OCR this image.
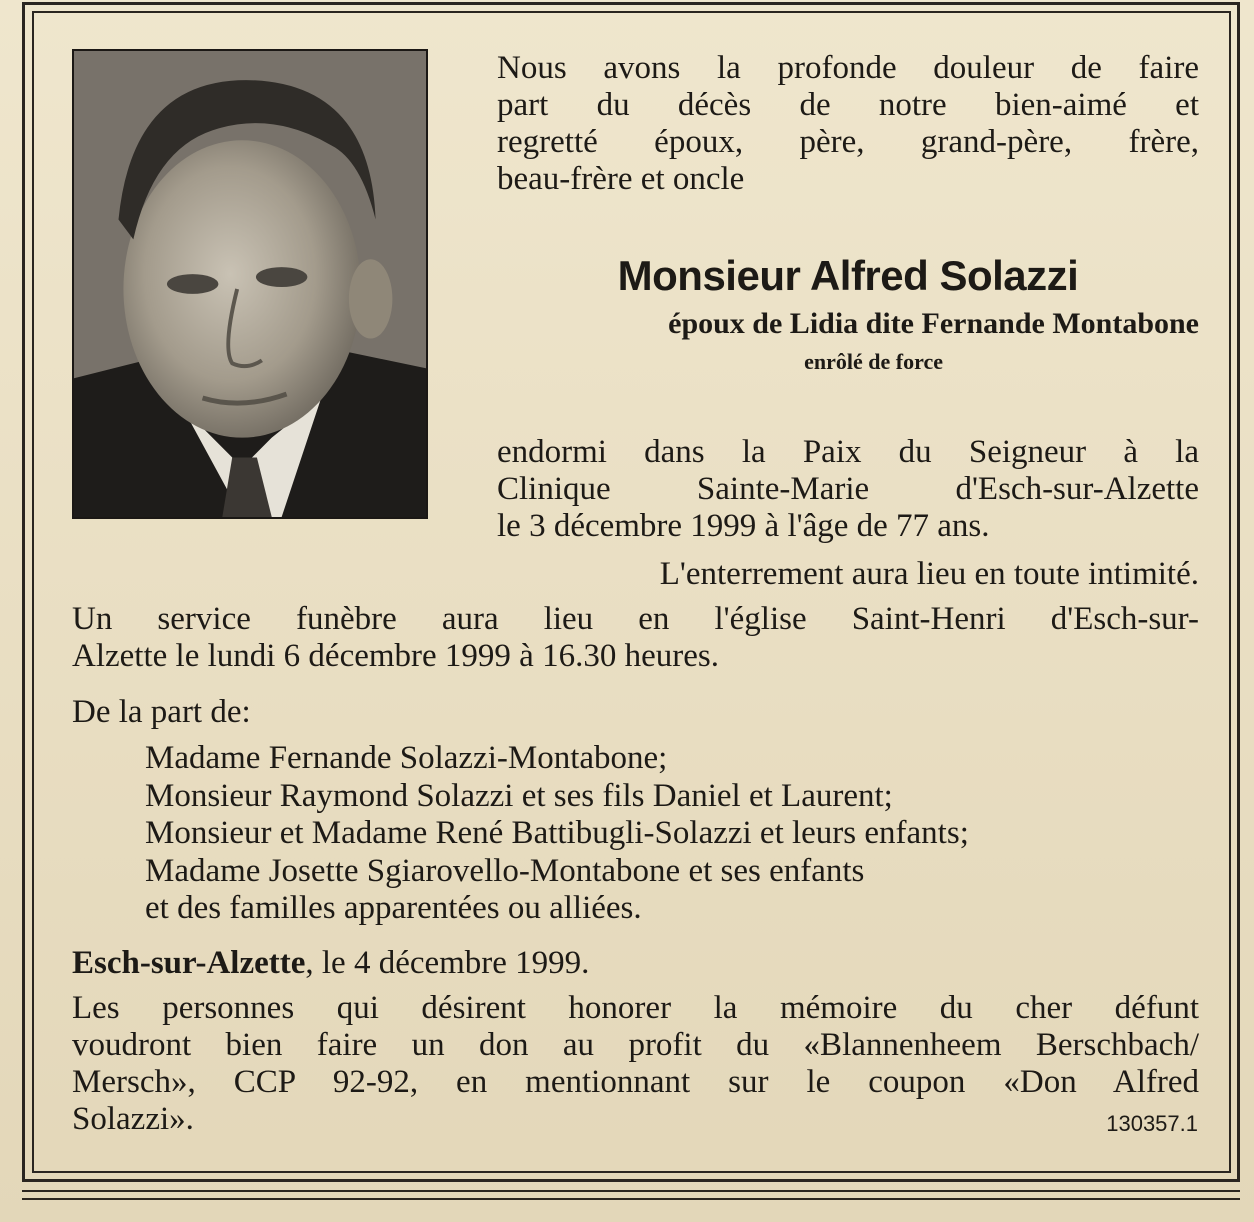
Nous avons la profonde douleur de faire
part du décès de notre bien-aimé et
regretté époux, père, grand-père, frère,
beau-frère et oncle
Monsieur Alfred Solazzi
époux de Lidia dite Fernande Montabone
enrôlé de force
endormi dans la Paix du Seigneur à la
Clinique Sainte-Marie d'Esch-sur-Alzette
le 3 décembre 1999 à l'âge de 77 ans.
L'enterrement aura lieu en toute intimité.
Un service funèbre aura lieu en l'église Saint-Henri d'Esch-sur-
Alzette le lundi 6 décembre 1999 à 16.30 heures.
De la part de:
Madame Fernande Solazzi-Montabone;
Monsieur Raymond Solazzi et ses fils Daniel et Laurent;
Monsieur et Madame René Battibugli-Solazzi et leurs enfants;
Madame Josette Sgiarovello-Montabone et ses enfants
et des familles apparentées ou alliées.
Esch-sur-Alzette, le 4 décembre 1999.
Les personnes qui désirent honorer la mémoire du cher défunt
voudront bien faire un don au profit du «Blannenheem Berschbach/
Mersch», CCP 92-92, en mentionnant sur le coupon «Don Alfred
Solazzi».	130357.1
